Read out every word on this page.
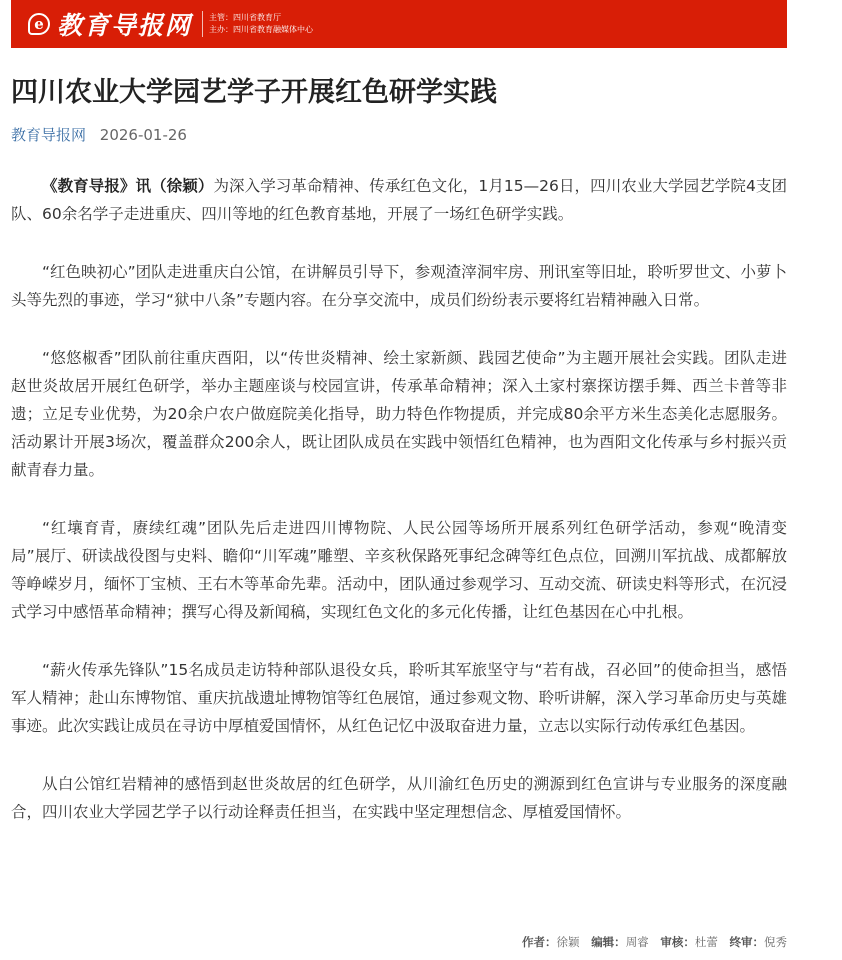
e 教育导报网 主管：四川省教育厅
主办：四川省教育融媒体中心
四川农业大学园艺学子开展红色研学实践
教育导报网 2026-01-26

《教育导报》讯（徐颖）为深入学习革命精神、传承红色文化，1月15—26日，四川农业大学园艺学院4支团队、60余名学子走进重庆、四川等地的红色教育基地，开展了一场红色研学实践。

“红色映初心”团队走进重庆白公馆，在讲解员引导下，参观渣滓洞牢房、刑讯室等旧址，聆听罗世文、小萝卜头等先烈的事迹，学习“狱中八条”专题内容。在分享交流中，成员们纷纷表示要将红岩精神融入日常。

“悠悠椒香”团队前往重庆酉阳，以“传世炎精神、绘土家新颜、践园艺使命”为主题开展社会实践。团队走进赵世炎故居开展红色研学，举办主题座谈与校园宣讲，传承革命精神；深入土家村寨探访摆手舞、西兰卡普等非遗；立足专业优势，为20余户农户做庭院美化指导，助力特色作物提质，并完成80余平方米生态美化志愿服务。活动累计开展3场次，覆盖群众200余人，既让团队成员在实践中领悟红色精神，也为酉阳文化传承与乡村振兴贡献青春力量。

“红壤育青，赓续红魂”团队先后走进四川博物院、人民公园等场所开展系列红色研学活动，参观“晚清变局”展厅、研读战役图与史料、瞻仰“川军魂”雕塑、辛亥秋保路死事纪念碑等红色点位，回溯川军抗战、成都解放等峥嵘岁月，缅怀丁宝桢、王右木等革命先辈。活动中，团队通过参观学习、互动交流、研读史料等形式，在沉浸式学习中感悟革命精神；撰写心得及新闻稿，实现红色文化的多元化传播，让红色基因在心中扎根。

“薪火传承先锋队”15名成员走访特种部队退役女兵，聆听其军旅坚守与“若有战，召必回”的使命担当，感悟军人精神；赴山东博物馆、重庆抗战遗址博物馆等红色展馆，通过参观文物、聆听讲解，深入学习革命历史与英雄事迹。此次实践让成员在寻访中厚植爱国情怀，从红色记忆中汲取奋进力量，立志以实际行动传承红色基因。

从白公馆红岩精神的感悟到赵世炎故居的红色研学，从川渝红色历史的溯源到红色宣讲与专业服务的深度融合，四川农业大学园艺学子以行动诠释责任担当，在实践中坚定理想信念、厚植爱国情怀。

作者：徐颖 编辑：周睿 审核：杜蕾 终审：倪秀
